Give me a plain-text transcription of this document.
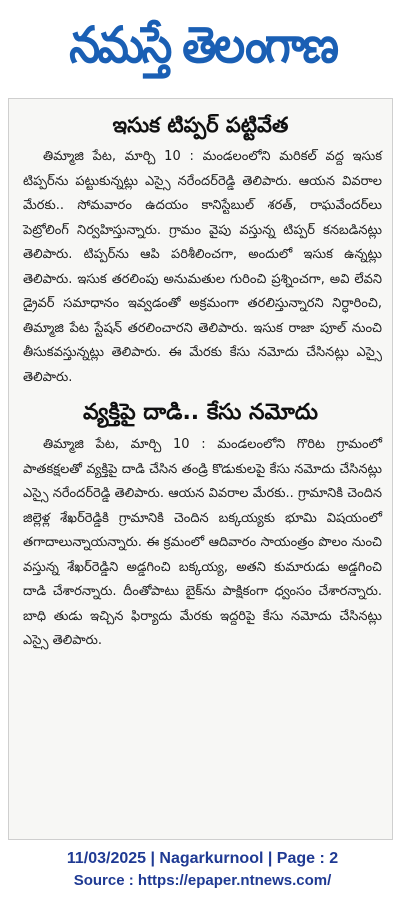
నమస్తే తెలంగాణ
ఇసుక టిప్పర్ పట్టివేత

తిమ్మాజి పేట, మార్చి 10 : మండలంలోని మరికల్ వద్ద ఇసుక టిప్పర్‌ను పట్టుకున్నట్లు ఎస్సై నరేందర్‌రెడ్డి తెలిపారు. ఆయన వివరాల మేరకు.. సోమవారం ఉదయం కానిస్టేబుల్ శరత్, రాఘవేందర్‌లు పెట్రోలింగ్ నిర్వహిస్తున్నారు. గ్రామం వైపు వస్తున్న టిప్పర్ కనబడినట్లు తెలిపారు. టిప్పర్‌ను ఆపి పరిశీలించగా, అందులో ఇసుక ఉన్నట్లు తెలిపారు. ఇసుక తరలింపు అనుమతుల గురించి ప్రశ్నించగా, అవి లేవని డ్రైవర్ సమాధానం ఇవ్వడంతో అక్రమంగా తరలిస్తున్నారని నిర్ధారించి, తిమ్మాజి పేట స్టేషన్ తరలించారని తెలిపారు. ఇసుక రాజా పూల్ నుంచి తీసుకవస్తున్నట్లు తెలిపారు. ఈ మేరకు కేసు నమోదు చేసినట్లు ఎస్సై తెలిపారు.

వ్యక్తిపై దాడి.. కేసు నమోదు

తిమ్మాజి పేట, మార్చి 10 : మండలంలోని గొరిట గ్రామంలో పాతకక్షలతో వ్యక్తిపై దాడి చేసిన తండ్రి కొడుకులపై కేసు నమోదు చేసినట్లు ఎస్సై నరేందర్‌రెడ్డి తెలిపారు. ఆయన వివరాల మేరకు.. గ్రామానికి చెందిన జిల్లెళ్ల శేఖర్‌రెడ్డికి గ్రామానికి చెందిన బక్కయ్యకు భూమి విషయంలో తగాదాలున్నాయన్నారు. ఈ క్రమంలో ఆదివారం సాయంత్రం పొలం నుంచి వస్తున్న శేఖర్‌రెడ్డిని అడ్డగించి బక్కయ్య, అతని కుమారుడు అడ్డగించి దాడి చేశారన్నారు. దీంతోపాటు బైక్‌ను పాక్షికంగా ధ్వంసం చేశారన్నారు. బాధి తుడు ఇచ్చిన ఫిర్యాదు మేరకు ఇద్దరిపై కేసు నమోదు చేసినట్లు ఎస్సై తెలిపారు.

11/03/2025 | Nagarkurnool | Page : 2
Source : https://epaper.ntnews.com/
